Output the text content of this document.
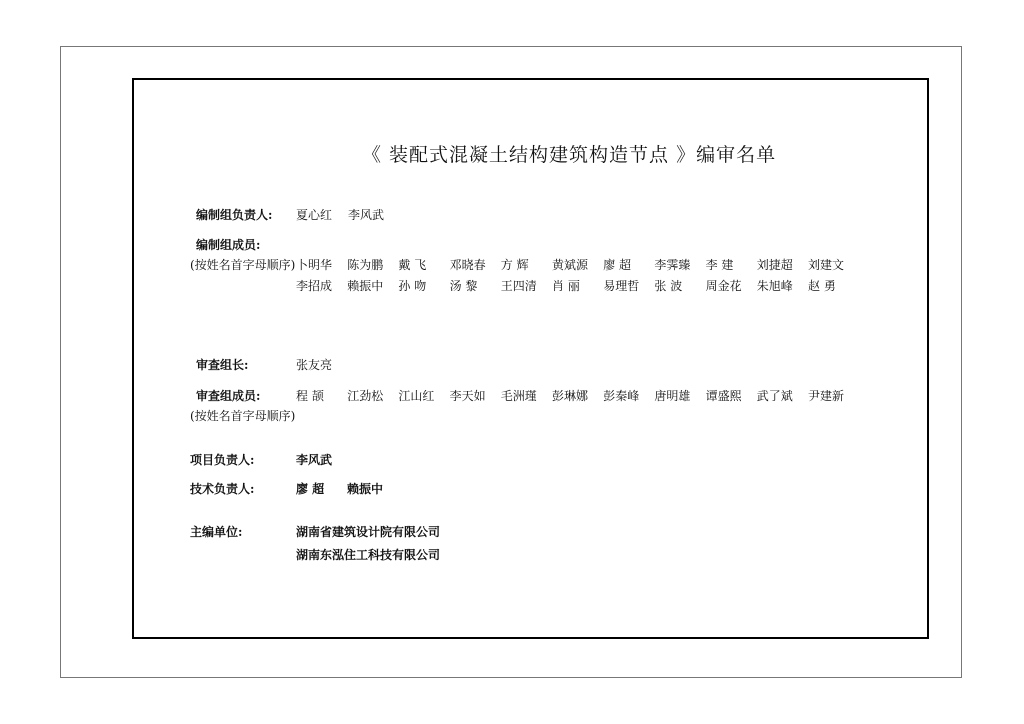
《 装配式混凝土结构建筑构造节点 》编审名单
编制组负责人: 夏心红 李风武
编制组成员:
(按姓名首字母顺序) 卜明华 陈为鹏 戴 飞 邓晓春 方 辉 黄斌源 廖 超 李霁臻 李 建 刘捷超 刘建文
李招成 赖振中 孙 吻 汤 黎 王四清 肖 丽 易理哲 张 波 周金花 朱旭峰 赵 勇
审查组长:	张友亮
审查组成员:
(按姓名首字母顺序)
程 颉 江劲松 江山红 李天如 毛洲瑾 彭琳娜 彭秦峰 唐明雄 谭盛熙 武了斌 尹建新
项目负责人:	李风武
技术负责人:	廖 超 赖振中
主编单位:	湖南省建筑设计院有限公司
湖南东泓住工科技有限公司
